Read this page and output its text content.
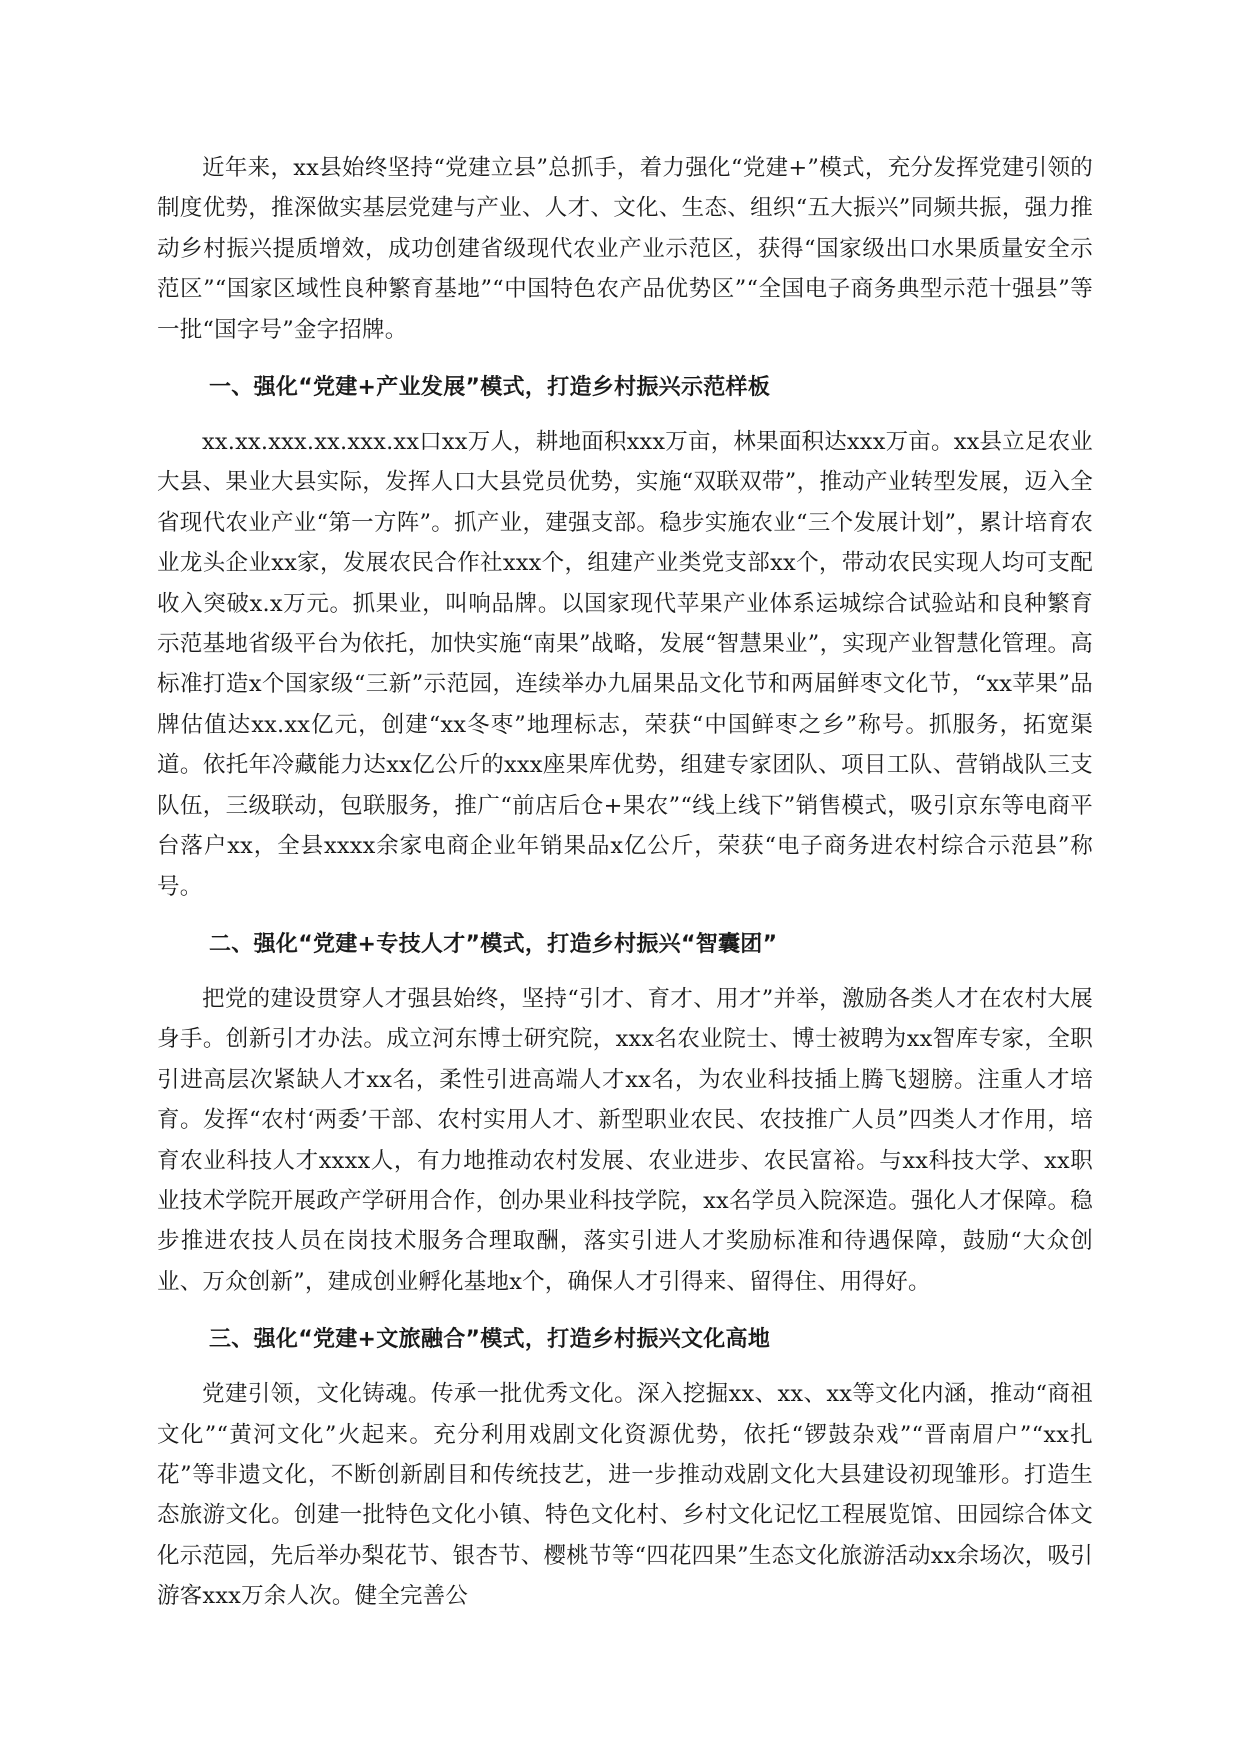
近年来，xx县始终坚持“党建立县”总抓手，着力强化“党建+”模式，充分发挥党建引领的制度优势，推深做实基层党建与产业、人才、文化、生态、组织“五大振兴”同频共振，强力推动乡村振兴提质增效，成功创建省级现代农业产业示范区，获得“国家级出口水果质量安全示范区”“国家区域性良种繁育基地”“中国特色农产品优势区”“全国电子商务典型示范十强县”等一批“国字号”金字招牌。

一、强化“党建+产业发展”模式，打造乡村振兴示范样板

xx.xx.xxx.xx.xxx.xx口xx万人，耕地面积xxx万亩，林果面积达xxx万亩。xx县立足农业大县、果业大县实际，发挥人口大县党员优势，实施“双联双带”，推动产业转型发展，迈入全省现代农业产业“第一方阵”。抓产业，建强支部。稳步实施农业“三个发展计划”，累计培育农业龙头企业xx家，发展农民合作社xxx个，组建产业类党支部xx个，带动农民实现人均可支配收入突破x.x万元。抓果业，叫响品牌。以国家现代苹果产业体系运城综合试验站和良种繁育示范基地省级平台为依托，加快实施“南果”战略，发展“智慧果业”，实现产业智慧化管理。高标准打造x个国家级“三新”示范园，连续举办九届果品文化节和两届鲜枣文化节，“xx苹果”品牌估值达xx.xx亿元，创建“xx冬枣”地理标志，荣获“中国鲜枣之乡”称号。抓服务，拓宽渠道。依托年冷藏能力达xx亿公斤的xxx座果库优势，组建专家团队、项目工队、营销战队三支队伍，三级联动，包联服务，推广“前店后仓+果农”“线上线下”销售模式，吸引京东等电商平台落户xx，全县xxxx余家电商企业年销果品x亿公斤，荣获“电子商务进农村综合示范县”称号。

二、强化“党建+专技人才”模式，打造乡村振兴“智囊团”

把党的建设贯穿人才强县始终，坚持“引才、育才、用才”并举，激励各类人才在农村大展身手。创新引才办法。成立河东博士研究院，xxx名农业院士、博士被聘为xx智库专家，全职引进高层次紧缺人才xx名，柔性引进高端人才xx名，为农业科技插上腾飞翅膀。注重人才培育。发挥“农村‘两委’干部、农村实用人才、新型职业农民、农技推广人员”四类人才作用，培育农业科技人才xxxx人，有力地推动农村发展、农业进步、农民富裕。与xx科技大学、xx职业技术学院开展政产学研用合作，创办果业科技学院，xx名学员入院深造。强化人才保障。稳步推进农技人员在岗技术服务合理取酬，落实引进人才奖励标准和待遇保障，鼓励“大众创业、万众创新”，建成创业孵化基地x个，确保人才引得来、留得住、用得好。

三、强化“党建+文旅融合”模式，打造乡村振兴文化高地

党建引领，文化铸魂。传承一批优秀文化。深入挖掘xx、xx、xx等文化内涵，推动“商祖文化”“黄河文化”火起来。充分利用戏剧文化资源优势，依托“锣鼓杂戏”“晋南眉户”“xx扎花”等非遗文化，不断创新剧目和传统技艺，进一步推动戏剧文化大县建设初现雏形。打造生态旅游文化。创建一批特色文化小镇、特色文化村、乡村文化记忆工程展览馆、田园综合体文化示范园，先后举办梨花节、银杏节、樱桃节等“四花四果”生态文化旅游活动xx余场次，吸引游客xxx万余人次。健全完善公
